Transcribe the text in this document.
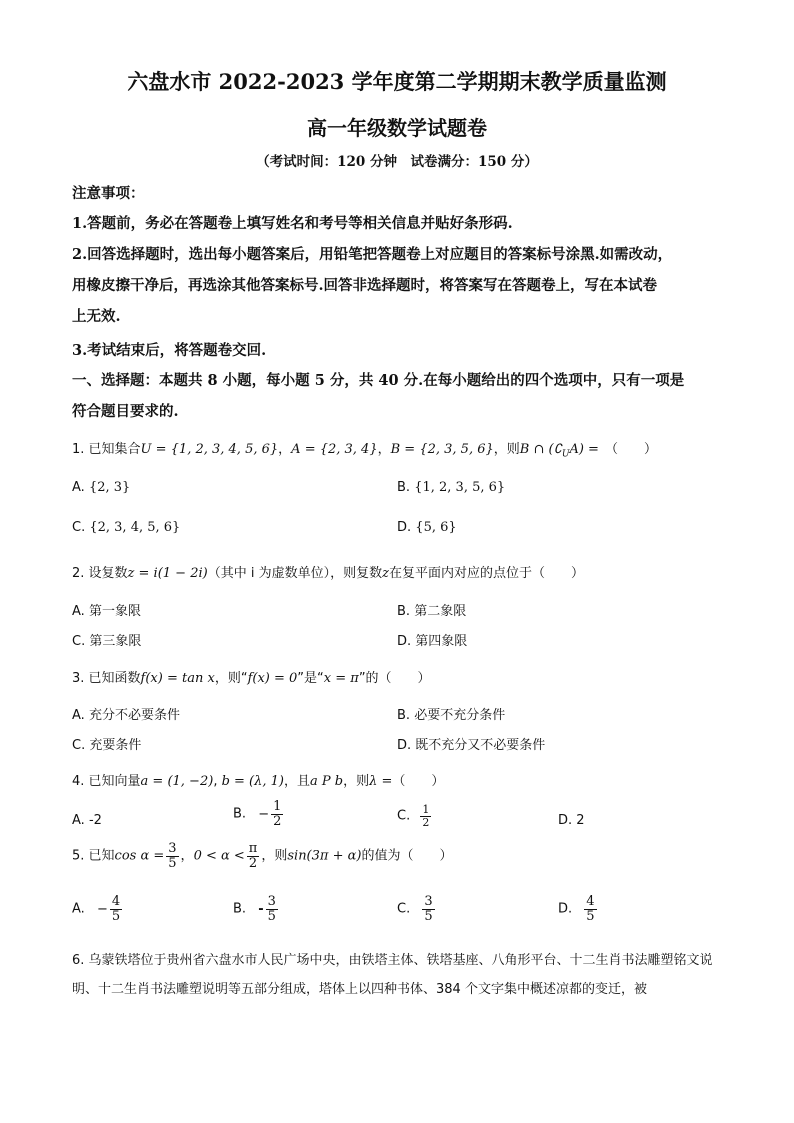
六盘水市 2022-2023 学年度第二学期期末教学质量监测
高一年级数学试题卷
（考试时间：120 分钟　试卷满分：150 分）
注意事项：
1.答题前，务必在答题卷上填写姓名和考号等相关信息并贴好条形码.
2.回答选择题时，选出每小题答案后，用铅笔把答题卷上对应题目的答案标号涂黑.如需改动，
用橡皮擦干净后，再选涂其他答案标号.回答非选择题时，将答案写在答题卷上，写在本试卷
上无效.
3.考试结束后，将答题卷交回.
一、选择题：本题共 8 小题，每小题 5 分，共 40 分.在每小题给出的四个选项中，只有一项是
符合题目要求的.
1. 已知集合U = {1, 2, 3, 4, 5, 6}，A = {2, 3, 4}，B = {2, 3, 5, 6}，则B ∩ $(∁_UA)$ = （　　）
A. {2, 3}	B. {1, 2, 3, 5, 6}
C. {2, 3, 4, 5, 6}	D. {5, 6}
2. 设复数z = i(1 − 2i)（其中 i 为虚数单位），则复数z在复平面内对应的点位于（　　）
A. 第一象限	B. 第二象限
C. 第三象限	D. 第四象限
3. 已知函数f(x) = tan x，则“f(x) = 0”是“x = π”的（　　）
A. 充分不必要条件	B. 必要不充分条件
C. 充要条件	D. 既不充分又不必要条件
4. 已知向量a = (1, −2), b = (λ, 1)，且a P b，则λ =（　　）
A. -2	B. − $\frac{1}{2}$	C. $\frac{1}{2}$	D. 2
5. 已知$\cos \alpha = \frac{3}{5}$ ，$0 < \alpha < \frac{\pi}{2}$ ，则sin(3π + α)的值为（　　）
A. − $\frac{4}{5}$	B. - $\frac{3}{5}$	C. $\frac{3}{5}$	D. $\frac{4}{5}$
6. 乌蒙铁塔位于贵州省六盘水市人民广场中央，由铁塔主体、铁塔基座、八角形平台、十二生肖书法雕塑铭文说明、十二生肖书法雕塑说明等五部分组成，塔体上以四种书体、384 个文字集中概述凉都的变迁，被
